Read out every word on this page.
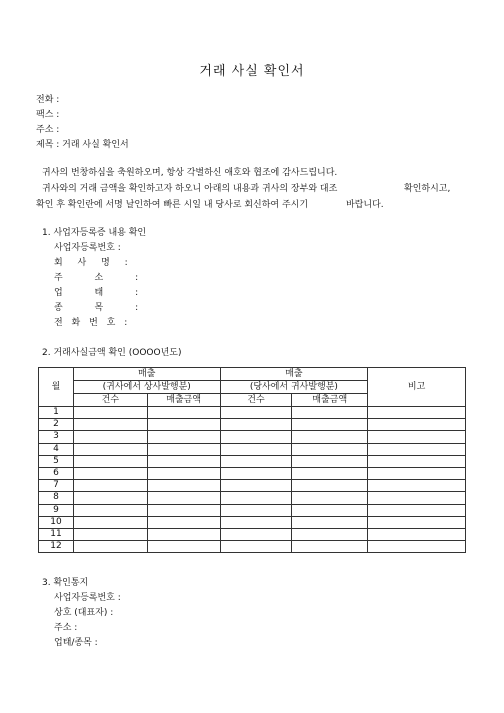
거래 사실 확인서
전화 :
팩스 :
주소 :
제목 : 거래 사실 확인서
귀사의 번창하심을 축원하오며, 항상 각별하신 애호와 협조에 감사드립니다.
귀사와의 거래 금액을 확인하고자 하오니 아래의 내용과 귀사의 장부와 대조	확인하시고,
확인 후 확인란에 서명 날인하여 빠른 시일 내 당사로 회신하여 주시기	바랍니다.
1. 사업자등록증 내용 확인
사업자등록번호 :
회 사 명 :
주 소 :
업 태 :
종 목 :
전 화 번 호 :
2. 거래사실금액 확인 (OOOO년도)
월	매출		매출		비고
	(귀사에서 상사발행분)		(당사에서 귀사발행분)		
	건수	매출금액	건수	매출금액	
1					
2					
3					
4					
5					
6					
7					
8					
9					
10					
11					
12					
3. 확인통지
사업자등록번호 :
상호 (대표자) :
주소 :
업태/종목 :
